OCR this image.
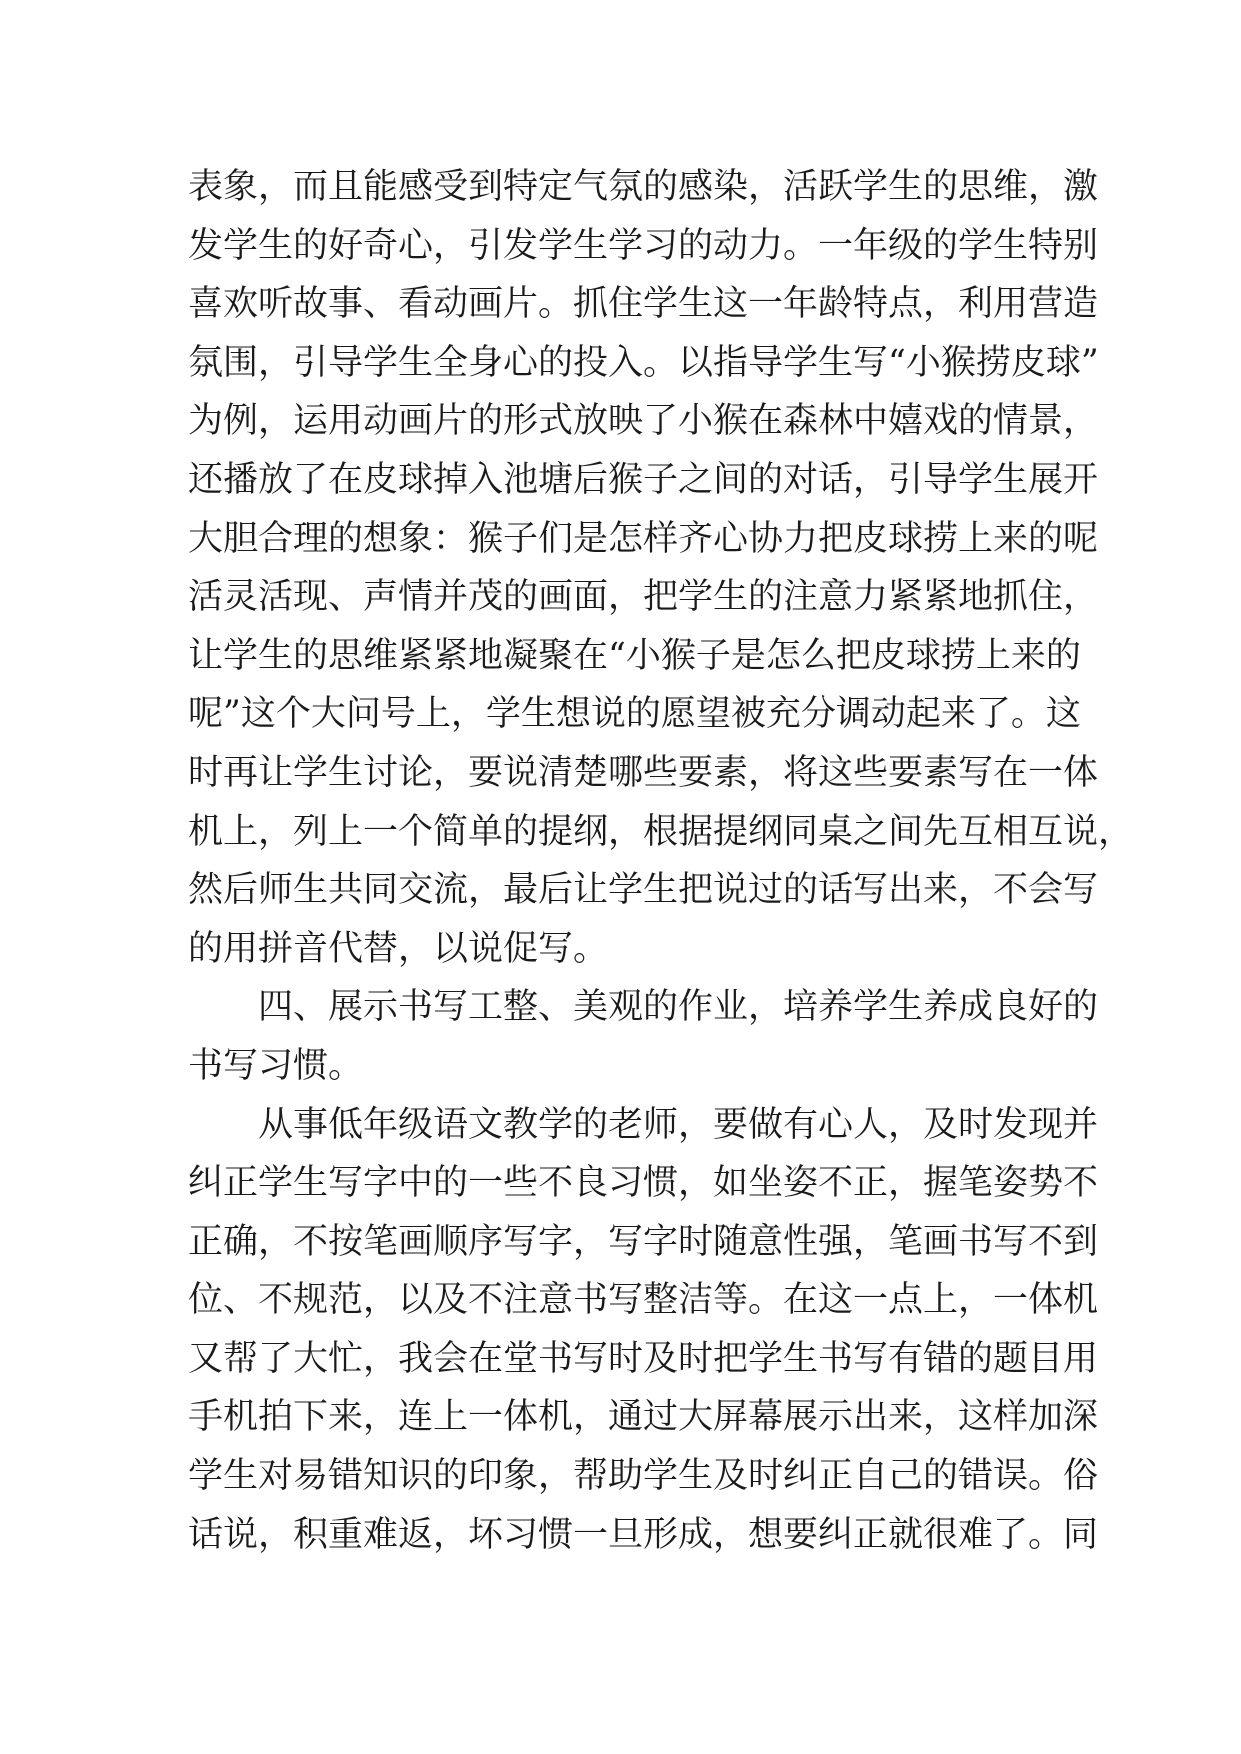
表象，而且能感受到特定气氛的感染，活跃学生的思维，激
发学生的好奇心，引发学生学习的动力。一年级的学生特别
喜欢听故事、看动画片。抓住学生这一年龄特点，利用营造
氛围，引导学生全身心的投入。以指导学生写“小猴捞皮球”
为例，运用动画片的形式放映了小猴在森林中嬉戏的情景，
还播放了在皮球掉入池塘后猴子之间的对话，引导学生展开
大胆合理的想象：猴子们是怎样齐心协力把皮球捞上来的呢
活灵活现、声情并茂的画面，把学生的注意力紧紧地抓住，
让学生的思维紧紧地凝聚在“小猴子是怎么把皮球捞上来的
呢”这个大问号上，学生想说的愿望被充分调动起来了。这
时再让学生讨论，要说清楚哪些要素，将这些要素写在一体
机上，列上一个简单的提纲，根据提纲同桌之间先互相互说，
然后师生共同交流，最后让学生把说过的话写出来，不会写
的用拼音代替，以说促写。
四、展示书写工整、美观的作业，培养学生养成良好的
书写习惯。
从事低年级语文教学的老师，要做有心人，及时发现并
纠正学生写字中的一些不良习惯，如坐姿不正，握笔姿势不
正确，不按笔画顺序写字，写字时随意性强，笔画书写不到
位、不规范，以及不注意书写整洁等。在这一点上，一体机
又帮了大忙，我会在堂书写时及时把学生书写有错的题目用
手机拍下来，连上一体机，通过大屏幕展示出来，这样加深
学生对易错知识的印象，帮助学生及时纠正自己的错误。俗
话说，积重难返，坏习惯一旦形成，想要纠正就很难了。同
